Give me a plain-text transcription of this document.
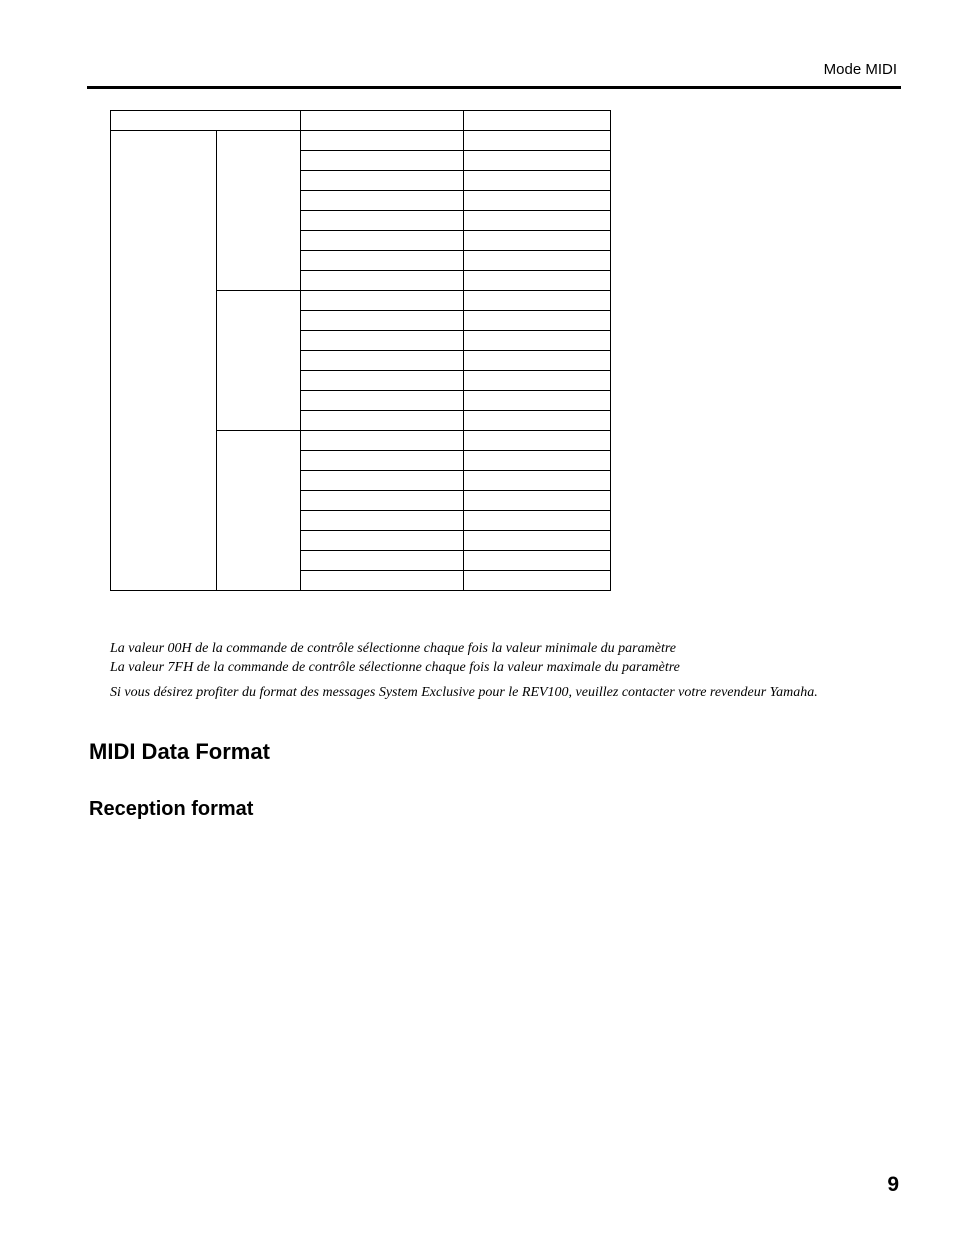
Mode MIDI

La valeur 00H de la commande de contrôle sélectionne chaque fois la valeur minimale du paramètre

La valeur 7FH de la commande de contrôle sélectionne chaque fois la valeur maximale du paramètre

Si vous désirez profiter du format des messages System Exclusive pour le REV100, veuillez contacter votre revendeur Yamaha.

MIDI Data Format
Reception format
9
